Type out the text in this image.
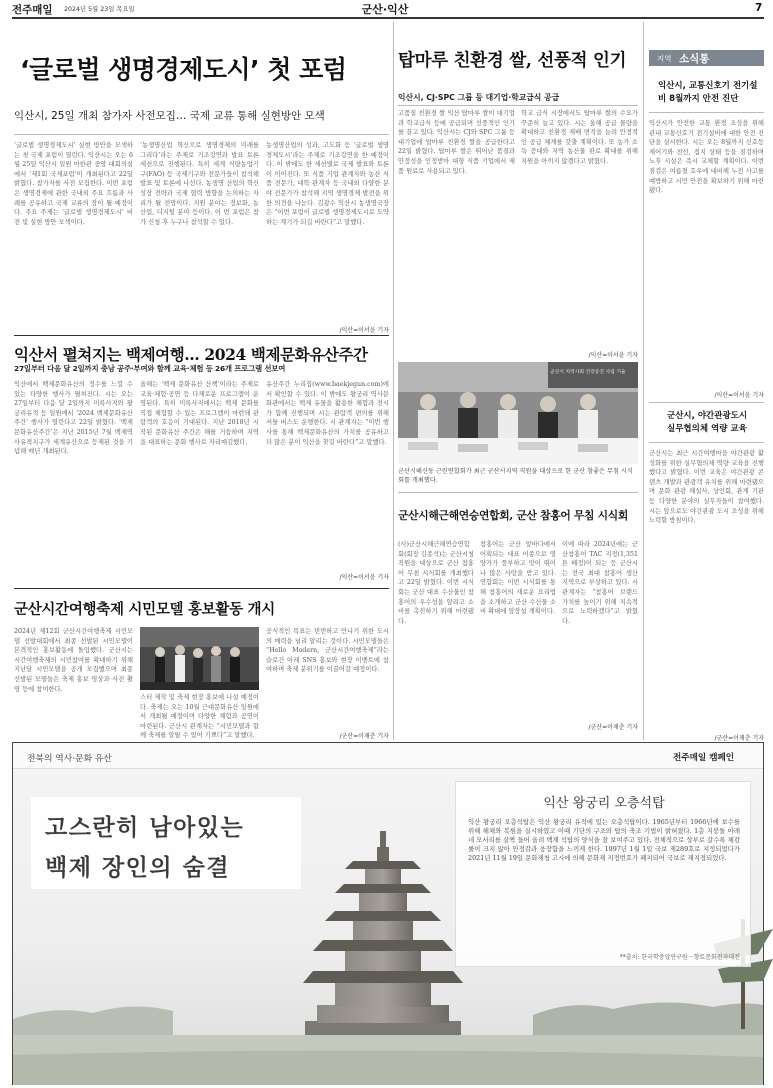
전주매일 2024년 5월 23일 목요일	군산·익산	7
‘글로벌 생명경제도시’ 첫 포럼
익산시, 25일 개최 참가자 사전모집… 국제 교류 통해 실현방안 모색
‘글로벌 생명경제도시’ 실현 방안을 모색하는 첫 국제 포럼이 열린다. 익산시는 오는 6월 25일 익산시 일원 마한관 중앙 대회의실에서 ‘제1회 국제포럼’이 개최된다고 22일 밝혔다. 참가자를 사전 모집한다. 이번 포럼은 생명경제에 관한 국내외 주요 흐름과 사례를 공유하고 국제 교류의 장이 될 예정이다. 주요 주제는 ‘글로벌 생명경제도시’ 비전 및 실현 방안 모색이다.
‘농생명산업 혁신으로 생명경제의 미래를 그리다’라는 주제로 기조강연과 발표 토론 세션으로 진행된다. 특히 세계 식량농업기구(FAO) 등 국제기구와 전문가들이 참석해 발표 및 토론에 나선다. 농생명 산업의 혁신 성장 전략과 국제 협력 방향을 논의하는 자리가 될 전망이다. 지원 분야는 정보화, 농산업, 디지털 분야 등이다. 이 번 포럼은 참가 신청 후 누구나 참석할 수 있다.
농생명산업의 성과, 고도화 등 ‘글로벌 생명경제도시’라는 주제로 기조강연을 한 예정이다. 이 밖에도 한 세션별로 국제 발표와 토론이 이어진다. 또 식품 기업 관계자와 농산 식품 전문가, 대학 관계자 등 국내외 다양한 분야 전문가가 참석해 지역 생명경제 발전을 위한 의견을 나눈다. 김광수 익산시 농생명국장은 “이번 포럼이 글로벌 생명경제도시로 도약하는 계기가 되길 바란다”고 말했다.
/익산=이서윤 기자
익산서 펼쳐지는 백제여행… 2024 백제문화유산주간
27일부터 다음 달 2일까지 충남 공주·부여와 함께 교육·체험 등 26개 프로그램 선보여
익산에서 백제문화유산의 정수를 느낄 수 있는 다양한 행사가 펼쳐진다. 시는 오는 27일부터 다음 달 2일까지 미륵사지와 왕궁리유적 등 일원에서 ‘2024 백제문화유산주간’ 행사가 열린다고 22일 밝혔다. ‘백제문화유산주간’은 지난 2015년 7월 백제역사유적지구가 세계유산으로 등재된 것을 기념해 매년 개최된다.
올해는 ‘백제 문화유산 산책’이라는 주제로 교육·체험·공연 등 다채로운 프로그램이 운영된다. 특히 미륵사지에서는 백제 문화를 직접 체험할 수 있는 프로그램이 마련돼 관람객의 호응이 기대된다. 지난 2018년 시작된 문화유산 주간은 해를 거듭하며 지역을 대표하는 문화 행사로 자리매김했다.
유산주간 누리집(www.baekjegun.com)에서 확인할 수 있다. 이 밖에도 왕궁리 역사문화관에서는 백제 유물을 활용한 체험과 전시가 함께 진행되며 시는 관람객 편의를 위해 셔틀 버스도 운행한다. 시 관계자는 “이번 행사를 통해 백제문화유산의 가치를 공유하고 더 많은 분이 익산을 찾길 바란다”고 말했다.
/익산=이서윤 기자
군산시간여행축제 시민모델 홍보활동 개시
2024년 제12회 군산시간여행축제 시민모델 선발대회에서 최종 선발된 시민모델이 본격적인 홍보활동에 돌입했다. 군산시는 시간여행축제의 시민참여를 확대하기 위해 지난달 시민모델을 공개 모집했으며 최종 선발된 모델들은 축제 홍보 영상과 사진 촬영 등에 참여한다.
스터 제작 및 축제 현장 홍보에 나설 예정이다. 축제는 오는 10월 근대문화유산 일원에서 개최될 예정이며 다양한 체험과 공연이 마련된다. 군산시 관계자는 “시민모델과 함께 축제를 알릴 수 있어 기쁘다”고 말했다.
공식적인 목표는 빈번하고 만나기 위한 도시의 매력을 널리 알리는 것이다. 시민모델들은 “Hello Modern, 군산시간여행축제”라는 슬로건 아래 SNS 홍보와 현장 이벤트에 참여하며 축제 분위기를 이끌어갈 예정이다.
/군산=이재춘 기자
탑마루 친환경 쌀, 선풍적 인기
익산시, CJ·SPC 그룹 등 대기업·학교급식 공급
고품질 친환경 쌀 익산 탑마루 쌀이 대기업과 학교급식 등에 공급되며 선풍적인 인기를 끌고 있다. 익산시는 CJ와 SPC 그룹 등 대기업에 탑마루 친환경 쌀을 공급한다고 22일 밝혔다. 탑마루 쌀은 뛰어난 품질과 안정성을 인정받아 대형 식품 기업에서 제품 원료로 사용되고 있다.
학교 급식 시장에서도 탑마루 쌀의 수요가 꾸준히 늘고 있다. 시는 올해 공급 물량을 확대하고 친환경 재배 면적을 늘려 안정적인 공급 체계를 갖출 계획이다. 또 농가 소득 증대와 지역 농산물 판로 확대를 위해 지원을 아끼지 않겠다고 밝혔다.
/익산=이서윤 기자
군산시 지역사회 건강증진 사업 기술
군산시해신동 근린연합회가 최근 군산시지역 직원을 대상으로 한 군산 참좋은 무침 시식회를 개최했다.
군산시해근해연승연합회, 군산 참홍어 무침 시식회
(사)군산시해근해연승연합회(회장 김종석)는 군산시청 직원을 대상으로 군산 참홍어 무침 시식회를 개최했다고 22일 밝혔다. 이번 시식회는 군산 대표 수산물인 참홍어의 우수성을 알리고 소비를 촉진하기 위해 마련됐다.
참홍어는 군산 앞바다에서 어획되는 대표 어종으로 영양가가 풍부하고 맛이 뛰어나 많은 사랑을 받고 있다. 연합회는 이번 시식회를 통해 참홍어의 새로운 요리법을 소개하고 군산 수산물 소비 확대에 앞장설 계획이다.
이에 따라 2024년에는 군산참홍어 TAC 지정(1,351톤 배정)이 되는 등 군산시는 전국 최대 참홍어 생산 지역으로 부상하고 있다. 시 관계자는 “참홍어 브랜드 가치를 높이기 위해 지속적으로 노력하겠다”고 밝혔다.
/군산=이재춘 기자
지역 소식통
익산시, 교통신호기 전기설비 8월까지 안전 진단
익산시가 안전한 교통 환경 조성을 위해 관내 교통신호기 전기설비에 대한 안전 진단을 실시한다. 시는 오는 8월까지 신호등 제어기와 전선, 접지 상태 등을 점검하며 노후 시설은 즉시 교체할 계획이다. 이번 점검은 여름철 호우에 대비해 누전 사고를 예방하고 시민 안전을 확보하기 위해 마련됐다.
/익산=이서윤 기자
군산시, 야간관광도시 실무협의체 역량 교육
군산시는 최근 시간여행마을 야간관광 활성화를 위한 실무협의체 역량 교육을 진행했다고 밝혔다. 이번 교육은 야간관광 콘텐츠 개발과 관광객 유치를 위해 마련됐으며 문화 관광 해설사, 상인회, 관계 기관 등 다양한 분야의 실무자들이 참여했다. 시는 앞으로도 야간관광 도시 조성을 위해 노력할 방침이다.
/군산=이재춘 기자
전북의 역사·문화 유산	전주매일 캠페인
고스란히 남아있는
백제 장인의 숨결
익산 왕궁리 오층석탑
익산 왕궁리 오층석탑은 익산 왕궁리 유적에 있는 오층석탑이다. 1965년부터 1966년에 보수를 위해 해체와 복원을 실시하였고 이때 기단의 구조와 탑의 축조 기법이 밝혀졌다. 1층 지붕돌 아래 네 모서리를 살짝 들어 올려 백제 석탑의 양식을 잘 보여주고 있다. 전체적으로 상부로 갈수록 체감률이 크지 않아 안정감과 웅장함을 느끼게 한다. 1997년 1월 1일 국보 제289호로 지정되었다가 2021년 11월 19일 문화재청 고시에 의해 문화재 지정번호가 폐지되어 국보로 재지정되었다.
**출처: 한국학중앙연구원－향토문화전자대전
